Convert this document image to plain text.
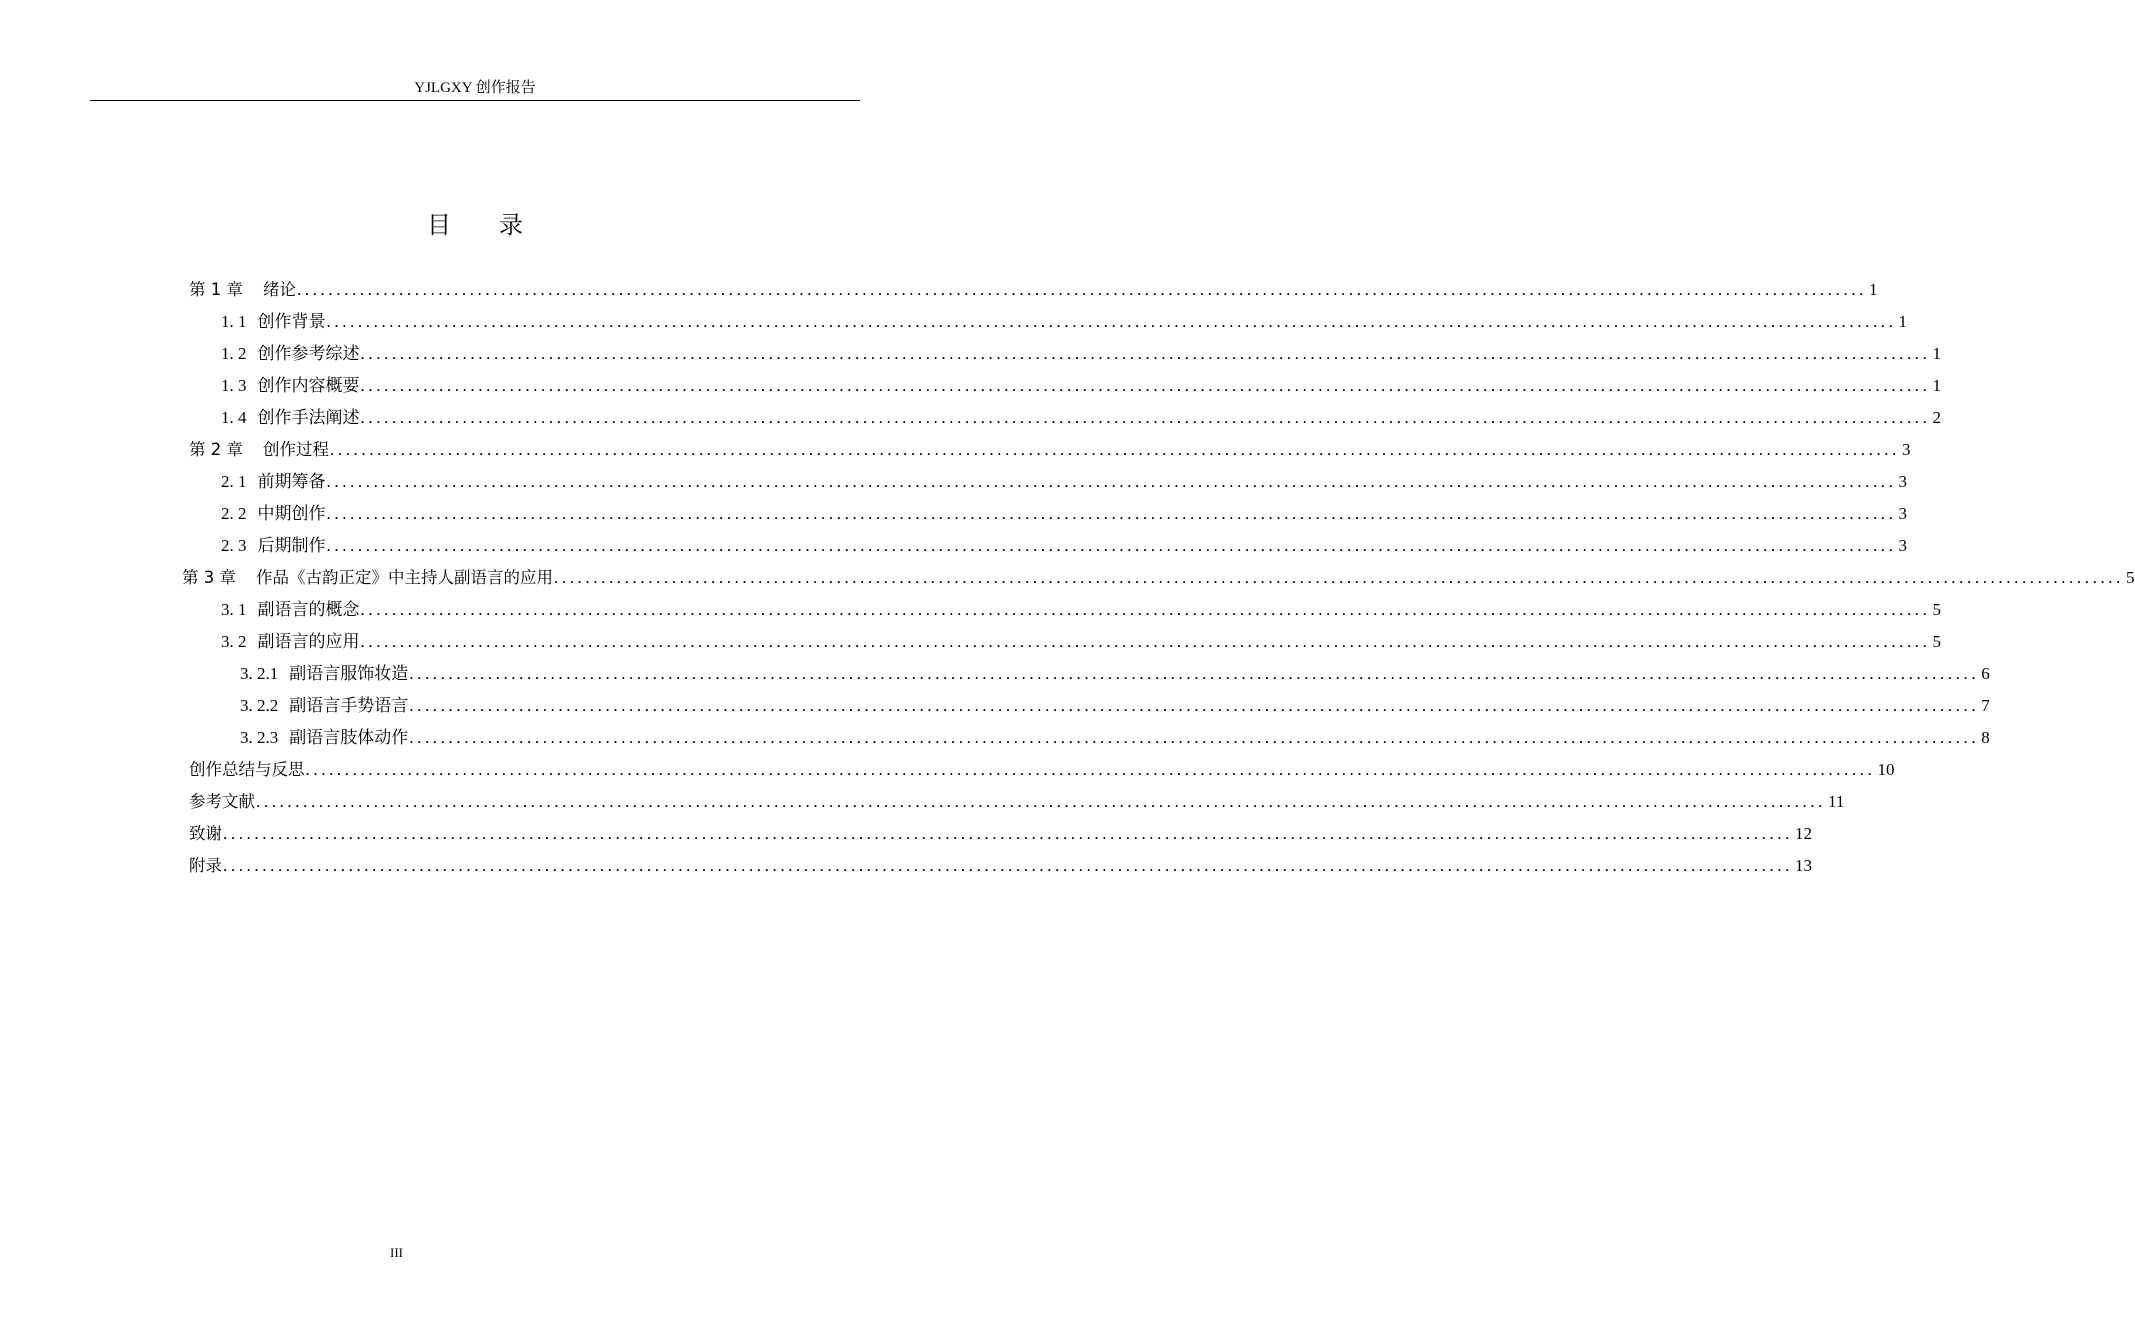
YJLGXY 创作报告
目 录
第 1 章 绪论 ........................................................................................................................................................................................................ 1
1. 1 创作背景 ........................................................................................................................................................................................................ 1
1. 2 创作参考综述 ........................................................................................................................................................................................................ 1
1. 3 创作内容概要 ........................................................................................................................................................................................................ 1
1. 4 创作手法阐述 ........................................................................................................................................................................................................ 2
第 2 章 创作过程 ........................................................................................................................................................................................................ 3
2. 1 前期筹备 ........................................................................................................................................................................................................ 3
2. 2 中期创作 ........................................................................................................................................................................................................ 3
2. 3 后期制作 ........................................................................................................................................................................................................ 3
第 3 章 作品《古韵正定》中主持人副语言的应用 ........................................................................................................................................................................................................ 5
3. 1 副语言的概念 ........................................................................................................................................................................................................ 5
3. 2 副语言的应用 ........................................................................................................................................................................................................ 5
3. 2.1 副语言服饰妆造 ........................................................................................................................................................................................................ 6
3. 2.2 副语言手势语言 ........................................................................................................................................................................................................ 7
3. 2.3 副语言肢体动作 ........................................................................................................................................................................................................ 8
创作总结与反思 ........................................................................................................................................................................................................ 10
参考文献 ........................................................................................................................................................................................................ 11
致谢 ........................................................................................................................................................................................................ 12
附录 ........................................................................................................................................................................................................ 13
III
